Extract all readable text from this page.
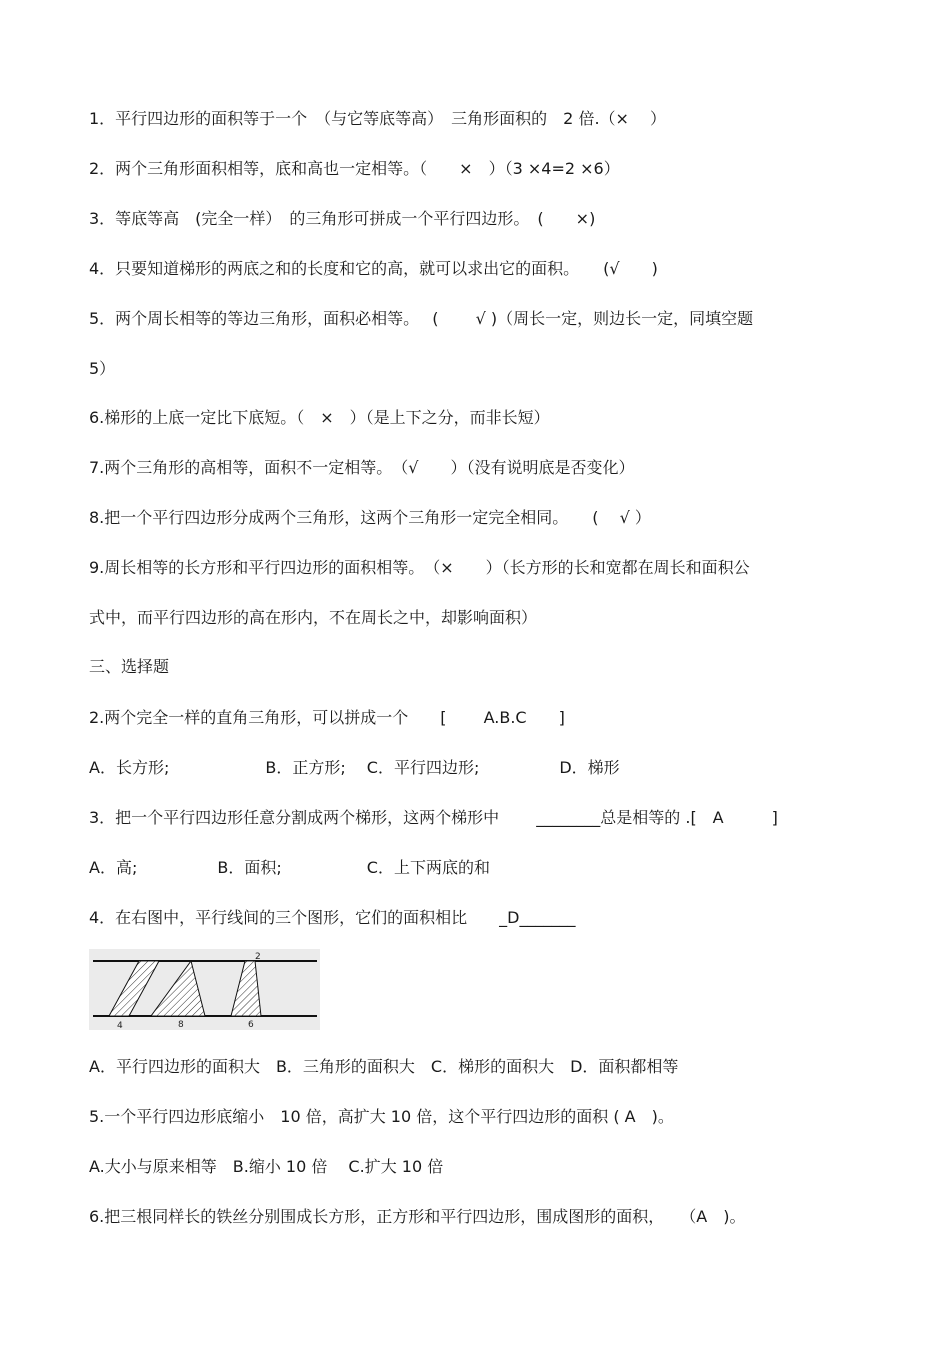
1．平行四边形的面积等于一个　（与它等底等高）　三角形面积的　2 倍.（×　 ）
2．两个三角形面积相等，底和高也一定相等。（　　×　）（3 ×4=2 ×6）
3．等底等高　(完全一样）　的三角形可拼成一个平行四边形。　(　　×)
4．只要知道梯形的两底之和的长度和它的高，就可以求出它的面积。　　(√　　)
5．两个周长相等的等边三角形，面积必相等。　 (　　 √ )（周长一定，则边长一定，同填空题
5）
6.梯形的上底一定比下底短。（　×　）（是上下之分，而非长短）
7.两个三角形的高相等，面积不一定相等。　（√　　）（没有说明底是否变化）
8.把一个平行四边形分成两个三角形，这两个三角形一定完全相同。　　(　 √ ）
9.周长相等的长方形和平行四边形的面积相等。　（×　　）（长方形的长和宽都在周长和面积公
式中，而平行四边形的高在形内，不在周长之中，却影响面积）
三、选择题
2.两个完全一样的直角三角形，可以拼成一个　　[　　 A.B.C　　]
A．长方形;　　　　　　B．正方形;　 C．平行四边形;　　　　　D．梯形
3．把一个平行四边形任意分割成两个梯形，这两个梯形中　　 ________总是相等的 .[　A　　　]
A．高;　　　　　B．面积;　　　　　 C．上下两底的和
4．在右图中，平行线间的三个图形，它们的面积相比　　_D_______
2
4	8	6
A．平行四边形的面积大　B．三角形的面积大　C．梯形的面积大　D．面积都相等
5.一个平行四边形底缩小　10 倍，高扩大 10 倍，这个平行四边形的面积 ( A　)。
A.大小与原来相等　B.缩小 10 倍　 C.扩大 10 倍
6.把三根同样长的铁丝分别围成长方形，正方形和平行四边形，围成图形的面积，　　（A　)。
